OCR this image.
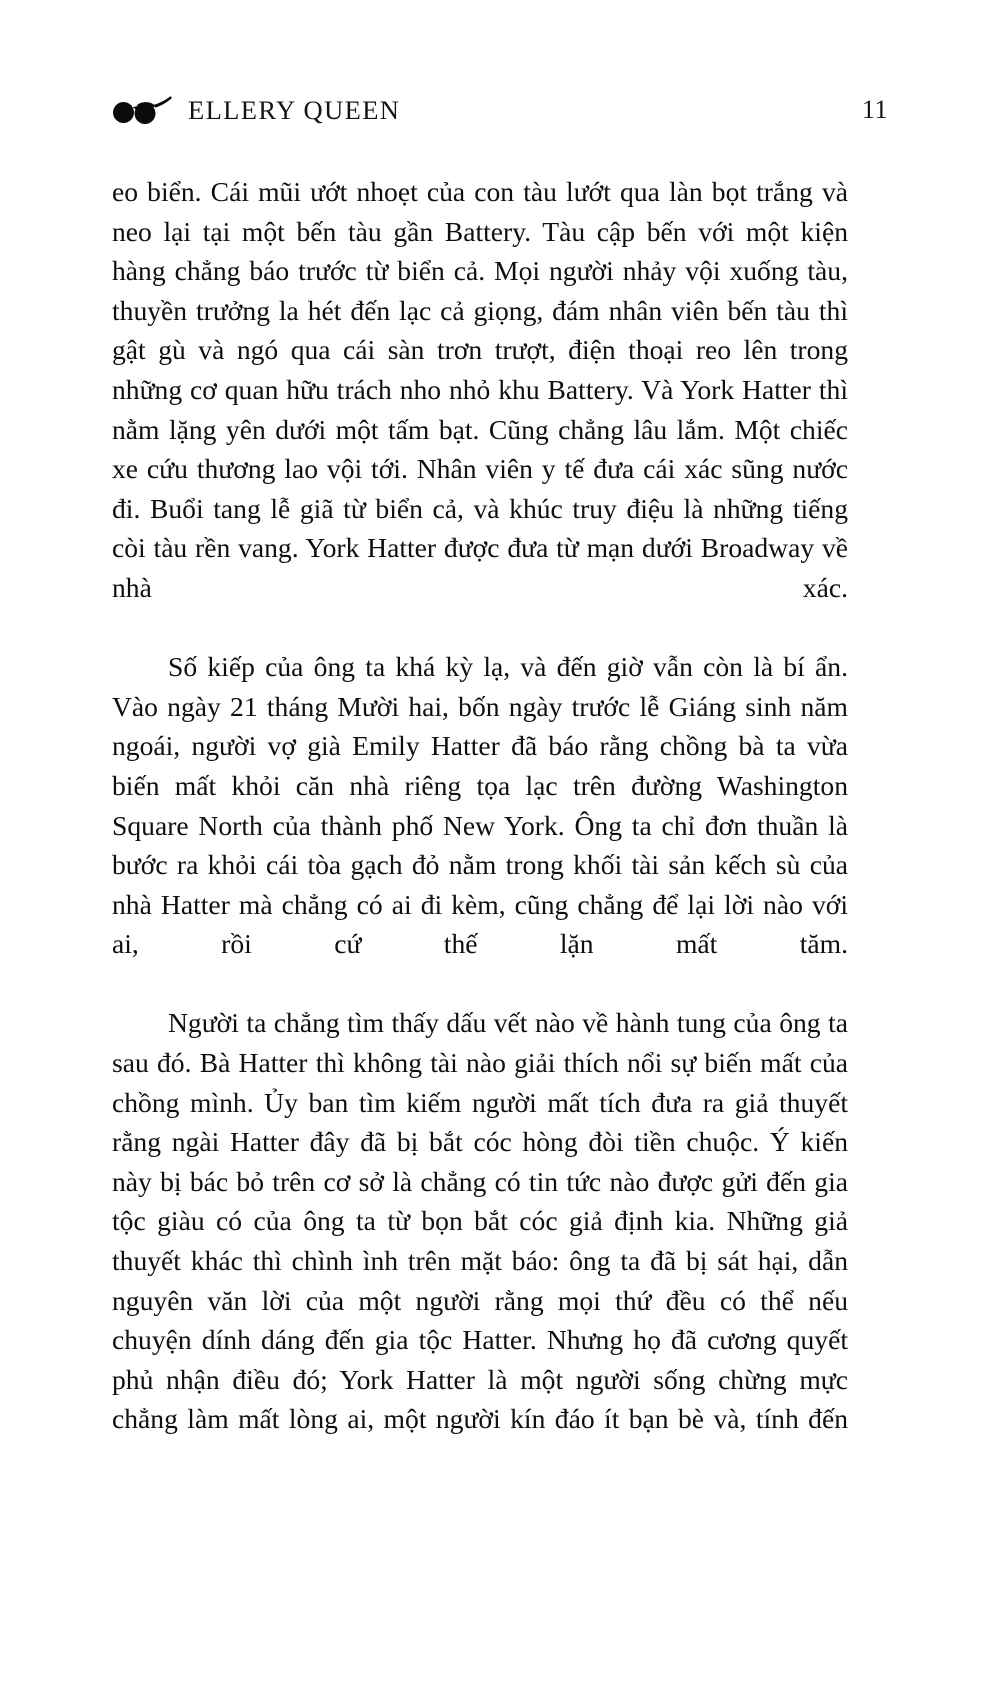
ELLERY QUEEN	11

eo biển. Cái mũi ướt nhoẹt của con tàu lướt qua làn bọt trắng và neo lại tại một bến tàu gần Battery. Tàu cập bến với một kiện hàng chẳng báo trước từ biển cả. Mọi người nhảy vội xuống tàu, thuyền trưởng la hét đến lạc cả giọng, đám nhân viên bến tàu thì gật gù và ngó qua cái sàn trơn trượt, điện thoại reo lên trong những cơ quan hữu trách nho nhỏ khu Battery. Và York Hatter thì nằm lặng yên dưới một tấm bạt. Cũng chẳng lâu lắm. Một chiếc xe cứu thương lao vội tới. Nhân viên y tế đưa cái xác sũng nước đi. Buổi tang lễ giã từ biển cả, và khúc truy điệu là những tiếng còi tàu rền vang. York Hatter được đưa từ mạn dưới Broadway về nhà xác.

Số kiếp của ông ta khá kỳ lạ, và đến giờ vẫn còn là bí ẩn. Vào ngày 21 tháng Mười hai, bốn ngày trước lễ Giáng sinh năm ngoái, người vợ già Emily Hatter đã báo rằng chồng bà ta vừa biến mất khỏi căn nhà riêng tọa lạc trên đường Washington Square North của thành phố New York. Ông ta chỉ đơn thuần là bước ra khỏi cái tòa gạch đỏ nằm trong khối tài sản kếch sù của nhà Hatter mà chẳng có ai đi kèm, cũng chẳng để lại lời nào với ai, rồi cứ thế lặn mất tăm.

Người ta chẳng tìm thấy dấu vết nào về hành tung của ông ta sau đó. Bà Hatter thì không tài nào giải thích nổi sự biến mất của chồng mình. Ủy ban tìm kiếm người mất tích đưa ra giả thuyết rằng ngài Hatter đây đã bị bắt cóc hòng đòi tiền chuộc. Ý kiến này bị bác bỏ trên cơ sở là chẳng có tin tức nào được gửi đến gia tộc giàu có của ông ta từ bọn bắt cóc giả định kia. Những giả thuyết khác thì chình ình trên mặt báo: ông ta đã bị sát hại, dẫn nguyên văn lời của một người rằng mọi thứ đều có thể nếu chuyện dính dáng đến gia tộc Hatter. Nhưng họ đã cương quyết phủ nhận điều đó; York Hatter là một người sống chừng mực chẳng làm mất lòng ai, một người kín đáo ít bạn bè và, tính đến
